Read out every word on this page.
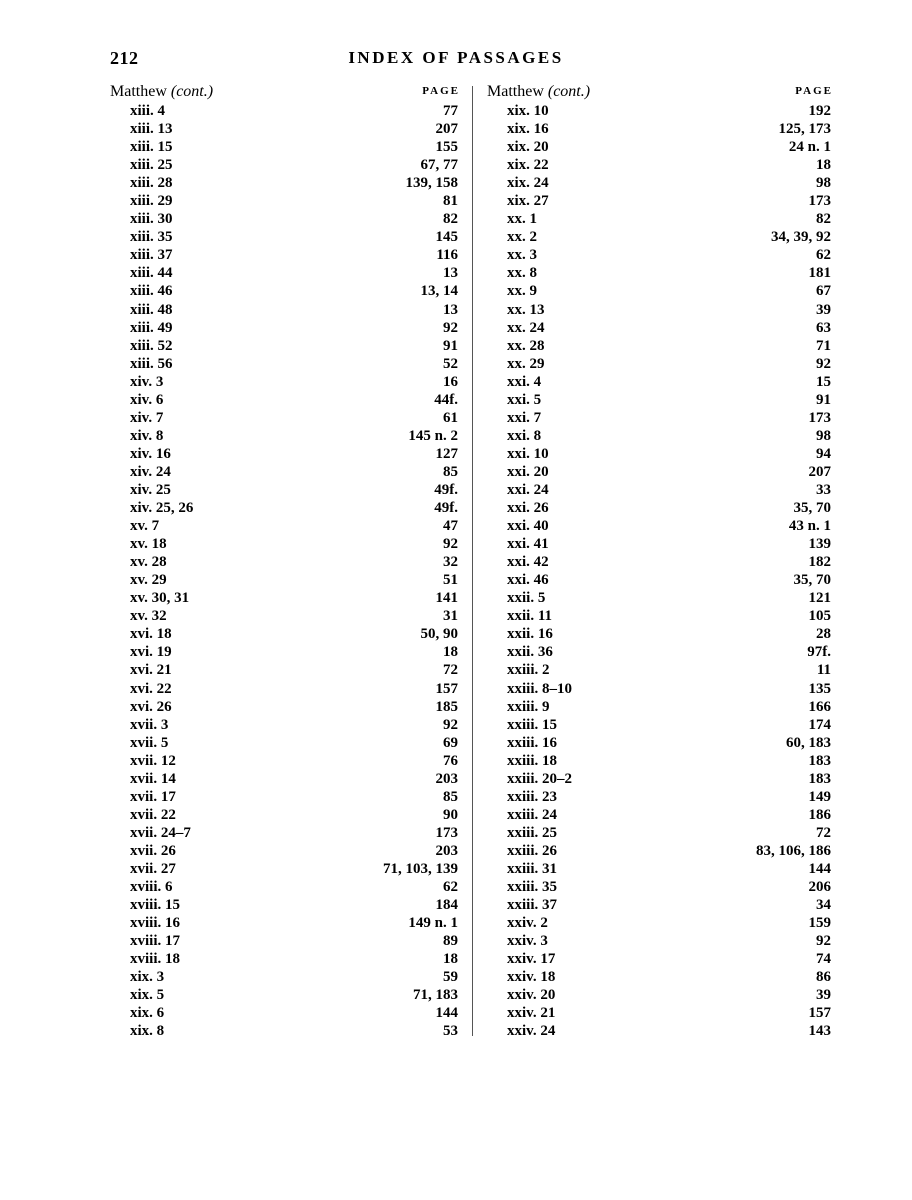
212	INDEX OF PASSAGES
Matthew (cont.)	PAGE
xiii. 4	77
xiii. 13	207
xiii. 15	155
xiii. 25	67, 77
xiii. 28	139, 158
xiii. 29	81
xiii. 30	82
xiii. 35	145
xiii. 37	116
xiii. 44	13
xiii. 46	13, 14
xiii. 48	13
xiii. 49	92
xiii. 52	91
xiii. 56	52
xiv. 3	16
xiv. 6	44f.
xiv. 7	61
xiv. 8	145 n. 2
xiv. 16	127
xiv. 24	85
xiv. 25	49f.
xiv. 25, 26	49f.
xv. 7	47
xv. 18	92
xv. 28	32
xv. 29	51
xv. 30, 31	141
xv. 32	31
xvi. 18	50, 90
xvi. 19	18
xvi. 21	72
xvi. 22	157
xvi. 26	185
xvii. 3	92
xvii. 5	69
xvii. 12	76
xvii. 14	203
xvii. 17	85
xvii. 22	90
xvii. 24–7	173
xvii. 26	203
xvii. 27	71, 103, 139
xviii. 6	62
xviii. 15	184
xviii. 16	149 n. 1
xviii. 17	89
xviii. 18	18
xix. 3	59
xix. 5	71, 183
xix. 6	144
xix. 8	53
Matthew (cont.)	PAGE
xix. 10	192
xix. 16	125, 173
xix. 20	24 n. 1
xix. 22	18
xix. 24	98
xix. 27	173
xx. 1	82
xx. 2	34, 39, 92
xx. 3	62
xx. 8	181
xx. 9	67
xx. 13	39
xx. 24	63
xx. 28	71
xx. 29	92
xxi. 4	15
xxi. 5	91
xxi. 7	173
xxi. 8	98
xxi. 10	94
xxi. 20	207
xxi. 24	33
xxi. 26	35, 70
xxi. 40	43 n. 1
xxi. 41	139
xxi. 42	182
xxi. 46	35, 70
xxii. 5	121
xxii. 11	105
xxii. 16	28
xxii. 36	97f.
xxiii. 2	11
xxiii. 8–10	135
xxiii. 9	166
xxiii. 15	174
xxiii. 16	60, 183
xxiii. 18	183
xxiii. 20–2	183
xxiii. 23	149
xxiii. 24	186
xxiii. 25	72
xxiii. 26	83, 106, 186
xxiii. 31	144
xxiii. 35	206
xxiii. 37	34
xxiv. 2	159
xxiv. 3	92
xxiv. 17	74
xxiv. 18	86
xxiv. 20	39
xxiv. 21	157
xxiv. 24	143
